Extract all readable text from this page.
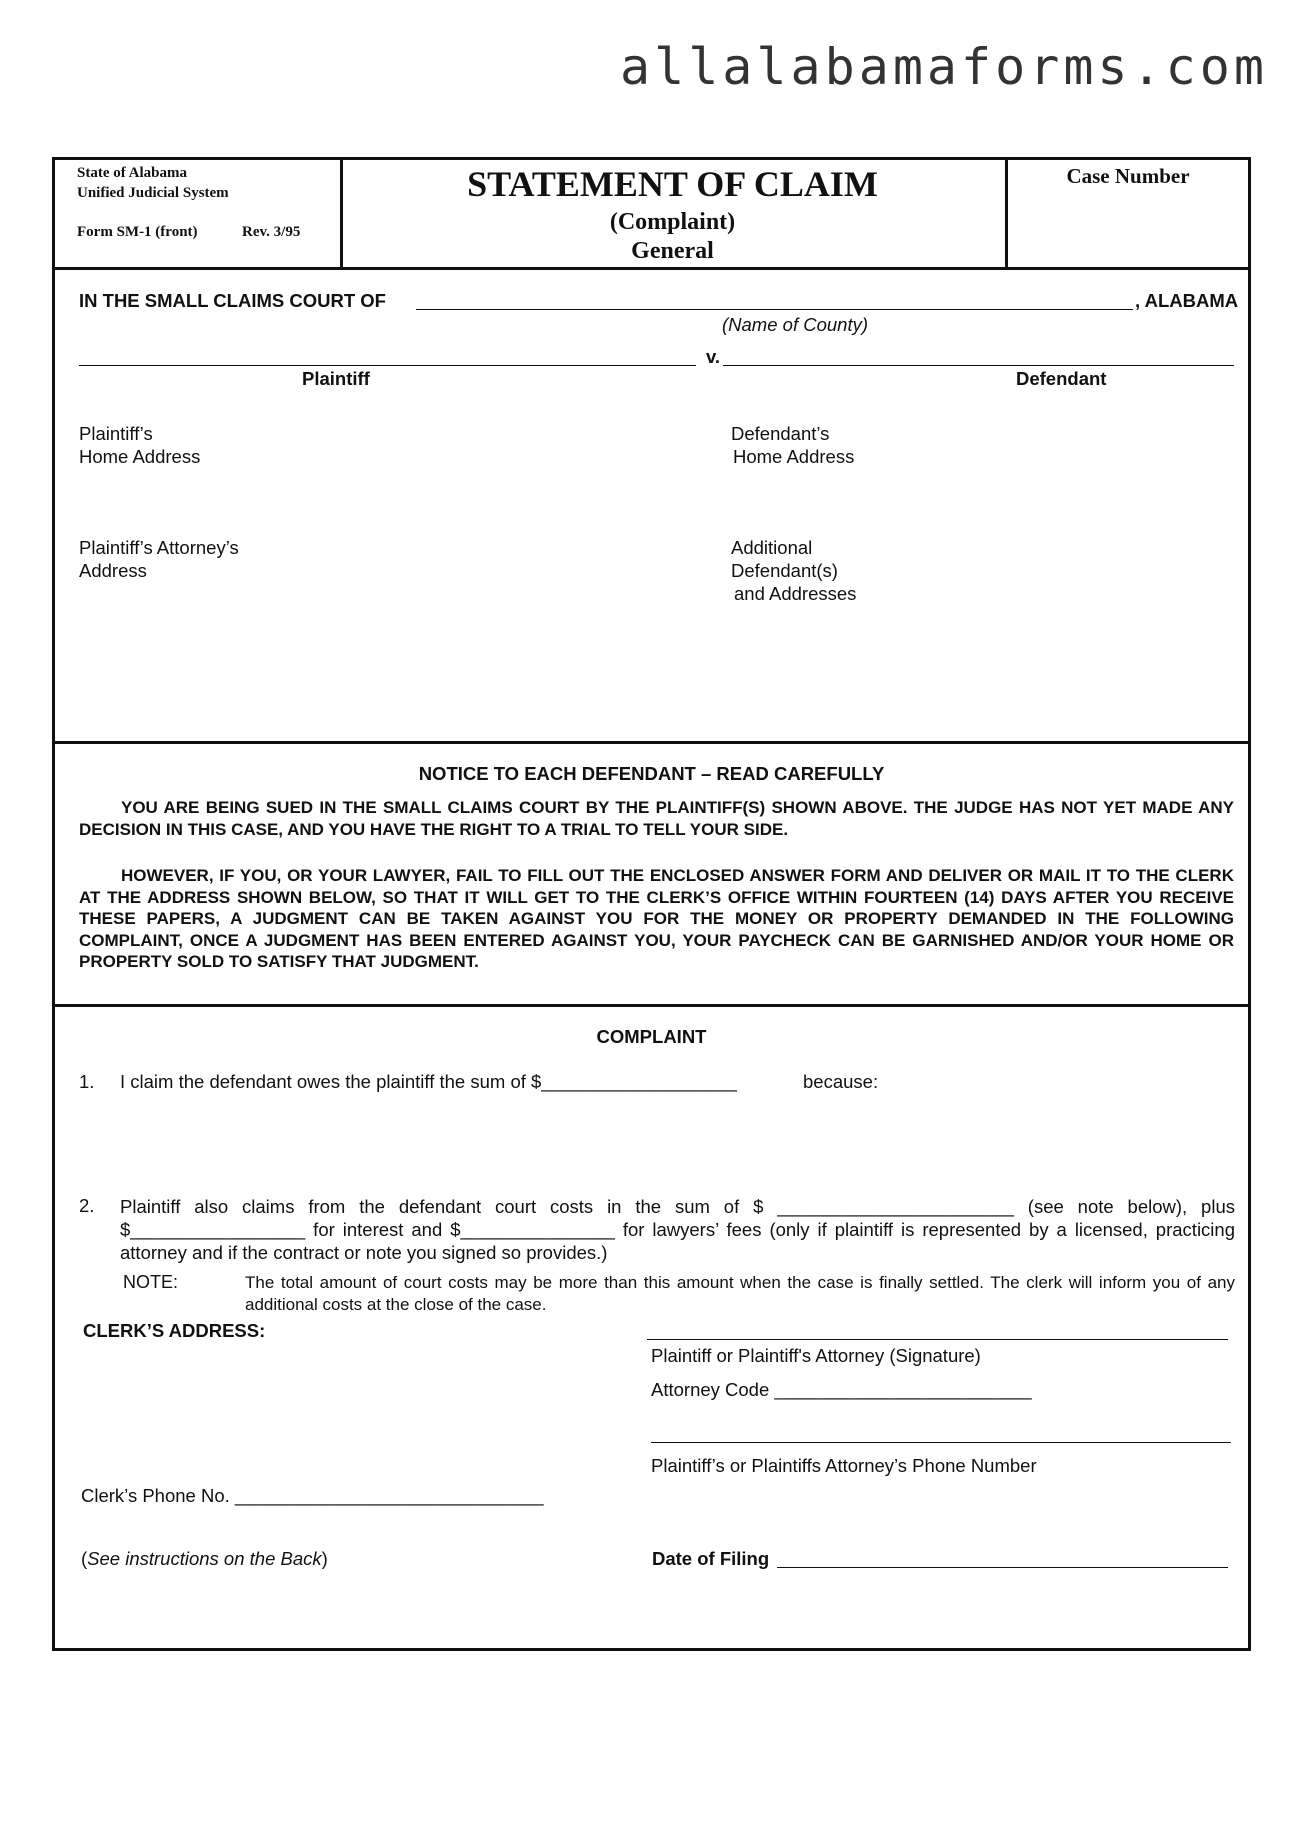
allalabamaforms.com
State of Alabama
Unified Judicial System
Form SM-1 (front)	Rev. 3/95
STATEMENT OF CLAIM
(Complaint)
General
Case Number
IN THE SMALL CLAIMS COURT OF	, ALABAMA
(Name of County)
v.
Plaintiff	Defendant
Plaintiff’s
Home Address
Defendant’s
Home Address
Plaintiff’s Attorney’s
Address
Additional
Defendant(s)
and Addresses
NOTICE TO EACH DEFENDANT – READ CAREFULLY
YOU ARE BEING SUED IN THE SMALL CLAIMS COURT BY THE PLAINTIFF(S) SHOWN ABOVE. THE JUDGE HAS NOT YET MADE ANY DECISION IN THIS CASE, AND YOU HAVE THE RIGHT TO A TRIAL TO TELL YOUR SIDE.
HOWEVER, IF YOU, OR YOUR LAWYER, FAIL TO FILL OUT THE ENCLOSED ANSWER FORM AND DELIVER OR MAIL IT TO THE CLERK AT THE ADDRESS SHOWN BELOW, SO THAT IT WILL GET TO THE CLERK’S OFFICE WITHIN FOURTEEN (14) DAYS AFTER YOU RECEIVE THESE PAPERS, A JUDGMENT CAN BE TAKEN AGAINST YOU FOR THE MONEY OR PROPERTY DEMANDED IN THE FOLLOWING COMPLAINT, ONCE A JUDGMENT HAS BEEN ENTERED AGAINST YOU, YOUR PAYCHECK CAN BE GARNISHED AND/OR YOUR HOME OR PROPERTY SOLD TO SATISFY THAT JUDGMENT.
COMPLAINT
1. I claim the defendant owes the plaintiff the sum of $___________________	because:
2. Plaintiff also claims from the defendant court costs in the sum of $ _______________________ (see note below), plus $_________________ for interest and $_______________ for lawyers’ fees (only if plaintiff is represented by a licensed, practicing attorney and if the contract or note you signed so provides.)
NOTE:	The total amount of court costs may be more than this amount when the case is finally settled. The clerk will inform you of any additional costs at the close of the case.
CLERK’S ADDRESS:
Plaintiff or Plaintiff's Attorney (Signature)
Attorney Code _________________________
Plaintiff’s or Plaintiffs Attorney’s Phone Number
Clerk’s Phone No. ______________________________
(See instructions on the Back)	Date of Filing
